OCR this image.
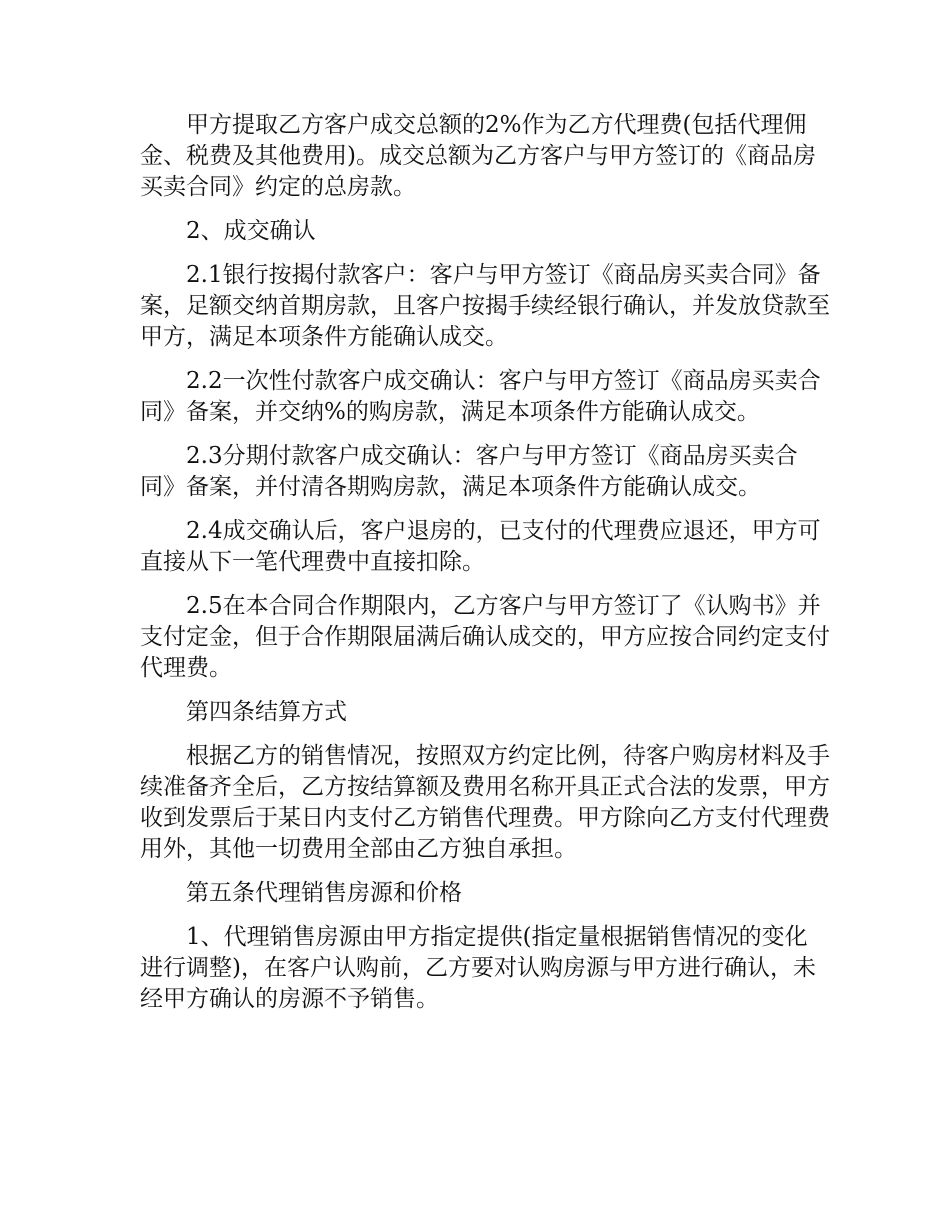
甲方提取乙方客户成交总额的2%作为乙方代理费(包括代理佣金、税费及其他费用)。成交总额为乙方客户与甲方签订的《商品房买卖合同》约定的总房款。

2、成交确认

2.1银行按揭付款客户：客户与甲方签订《商品房买卖合同》备案，足额交纳首期房款，且客户按揭手续经银行确认，并发放贷款至甲方，满足本项条件方能确认成交。

2.2一次性付款客户成交确认：客户与甲方签订《商品房买卖合同》备案，并交纳%的购房款，满足本项条件方能确认成交。

2.3分期付款客户成交确认：客户与甲方签订《商品房买卖合同》备案，并付清各期购房款，满足本项条件方能确认成交。

2.4成交确认后，客户退房的，已支付的代理费应退还，甲方可直接从下一笔代理费中直接扣除。

2.5在本合同合作期限内，乙方客户与甲方签订了《认购书》并支付定金，但于合作期限届满后确认成交的，甲方应按合同约定支付代理费。

第四条结算方式

根据乙方的销售情况，按照双方约定比例，待客户购房材料及手续准备齐全后，乙方按结算额及费用名称开具正式合法的发票，甲方收到发票后于某日内支付乙方销售代理费。甲方除向乙方支付代理费用外，其他一切费用全部由乙方独自承担。

第五条代理销售房源和价格

1、代理销售房源由甲方指定提供(指定量根据销售情况的变化进行调整)，在客户认购前，乙方要对认购房源与甲方进行确认，未经甲方确认的房源不予销售。
